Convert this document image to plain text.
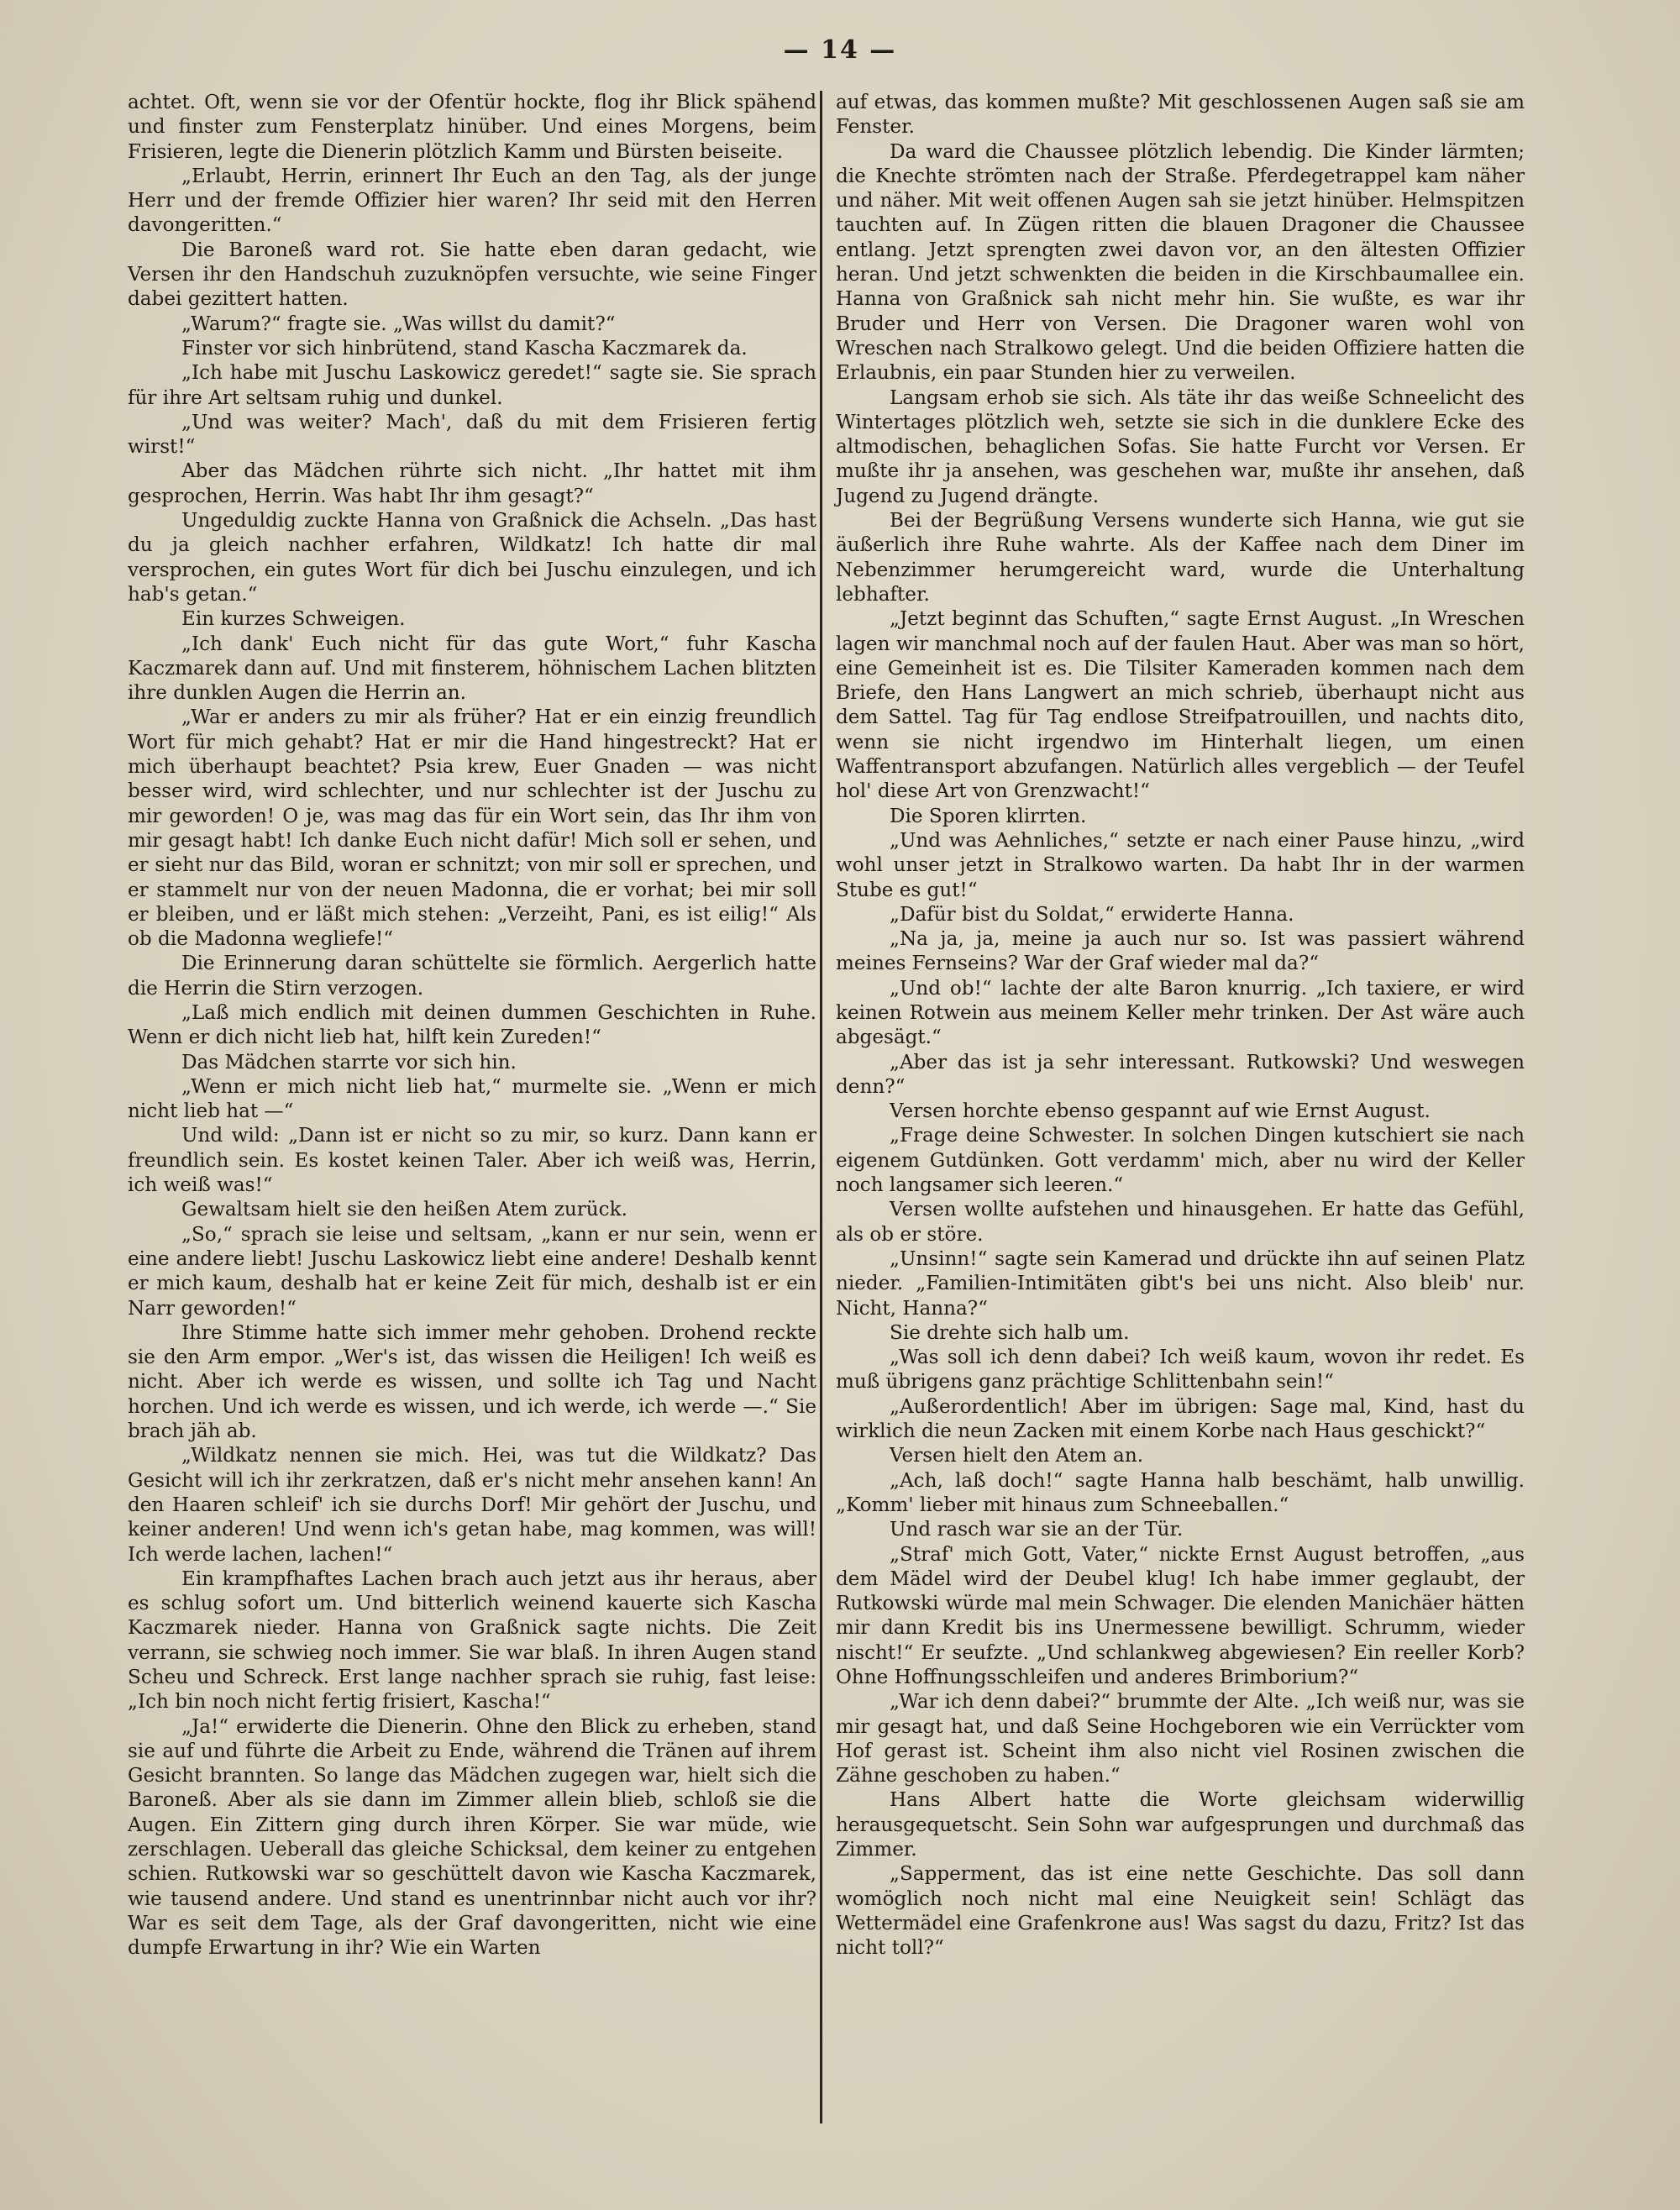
— 14 —

achtet. Oft, wenn sie vor der Ofentür hockte, flog ihr Blick spähend und finster zum Fensterplatz hinüber. Und eines Morgens, beim Frisieren, legte die Dienerin plötzlich Kamm und Bürsten beiseite.

„Erlaubt, Herrin, erinnert Ihr Euch an den Tag, als der junge Herr und der fremde Offizier hier waren? Ihr seid mit den Herren davongeritten.“

Die Baroneß ward rot. Sie hatte eben daran gedacht, wie Versen ihr den Handschuh zuzuknöpfen versuchte, wie seine Finger dabei gezittert hatten.

„Warum?“ fragte sie. „Was willst du damit?“

Finster vor sich hinbrütend, stand Kascha Kaczmarek da.

„Ich habe mit Juschu Laskowicz geredet!“ sagte sie. Sie sprach für ihre Art seltsam ruhig und dunkel.

„Und was weiter? Mach', daß du mit dem Frisieren fertig wirst!“

Aber das Mädchen rührte sich nicht. „Ihr hattet mit ihm gesprochen, Herrin. Was habt Ihr ihm gesagt?“

Ungeduldig zuckte Hanna von Graßnick die Achseln. „Das hast du ja gleich nachher erfahren, Wildkatz! Ich hatte dir mal versprochen, ein gutes Wort für dich bei Juschu einzulegen, und ich hab's getan.“

Ein kurzes Schweigen.

„Ich dank' Euch nicht für das gute Wort,“ fuhr Kascha Kaczmarek dann auf. Und mit finsterem, höhnischem Lachen blitzten ihre dunklen Augen die Herrin an.

„War er anders zu mir als früher? Hat er ein einzig freundlich Wort für mich gehabt? Hat er mir die Hand hingestreckt? Hat er mich überhaupt beachtet? Psia krew, Euer Gnaden — was nicht besser wird, wird schlechter, und nur schlechter ist der Juschu zu mir geworden! O je, was mag das für ein Wort sein, das Ihr ihm von mir gesagt habt! Ich danke Euch nicht dafür! Mich soll er sehen, und er sieht nur das Bild, woran er schnitzt; von mir soll er sprechen, und er stammelt nur von der neuen Madonna, die er vorhat; bei mir soll er bleiben, und er läßt mich stehen: „Verzeiht, Pani, es ist eilig!“ Als ob die Madonna wegliefe!“

Die Erinnerung daran schüttelte sie förmlich. Aergerlich hatte die Herrin die Stirn verzogen.

„Laß mich endlich mit deinen dummen Geschichten in Ruhe. Wenn er dich nicht lieb hat, hilft kein Zureden!“

Das Mädchen starrte vor sich hin.

„Wenn er mich nicht lieb hat,“ murmelte sie. „Wenn er mich nicht lieb hat —“

Und wild: „Dann ist er nicht so zu mir, so kurz. Dann kann er freundlich sein. Es kostet keinen Taler. Aber ich weiß was, Herrin, ich weiß was!“

Gewaltsam hielt sie den heißen Atem zurück.

„So,“ sprach sie leise und seltsam, „kann er nur sein, wenn er eine andere liebt! Juschu Laskowicz liebt eine andere! Deshalb kennt er mich kaum, deshalb hat er keine Zeit für mich, deshalb ist er ein Narr geworden!“

Ihre Stimme hatte sich immer mehr gehoben. Drohend reckte sie den Arm empor. „Wer's ist, das wissen die Heiligen! Ich weiß es nicht. Aber ich werde es wissen, und sollte ich Tag und Nacht horchen. Und ich werde es wissen, und ich werde, ich werde —.“ Sie brach jäh ab.

„Wildkatz nennen sie mich. Hei, was tut die Wildkatz? Das Gesicht will ich ihr zerkratzen, daß er's nicht mehr ansehen kann! An den Haaren schleif' ich sie durchs Dorf! Mir gehört der Juschu, und keiner anderen! Und wenn ich's getan habe, mag kommen, was will! Ich werde lachen, lachen!“

Ein krampfhaftes Lachen brach auch jetzt aus ihr heraus, aber es schlug sofort um. Und bitterlich weinend kauerte sich Kascha Kaczmarek nieder. Hanna von Graßnick sagte nichts. Die Zeit verrann, sie schwieg noch immer. Sie war blaß. In ihren Augen stand Scheu und Schreck. Erst lange nachher sprach sie ruhig, fast leise: „Ich bin noch nicht fertig frisiert, Kascha!“

„Ja!“ erwiderte die Dienerin. Ohne den Blick zu erheben, stand sie auf und führte die Arbeit zu Ende, während die Tränen auf ihrem Gesicht brannten. So lange das Mädchen zugegen war, hielt sich die Baroneß. Aber als sie dann im Zimmer allein blieb, schloß sie die Augen. Ein Zittern ging durch ihren Körper. Sie war müde, wie zerschlagen. Ueberall das gleiche Schicksal, dem keiner zu entgehen schien. Rutkowski war so geschüttelt davon wie Kascha Kaczmarek, wie tausend andere. Und stand es unentrinnbar nicht auch vor ihr? War es seit dem Tage, als der Graf davongeritten, nicht wie eine dumpfe Erwartung in ihr? Wie ein Warten

auf etwas, das kommen mußte? Mit geschlossenen Augen saß sie am Fenster.

Da ward die Chaussee plötzlich lebendig. Die Kinder lärmten; die Knechte strömten nach der Straße. Pferdegetrappel kam näher und näher. Mit weit offenen Augen sah sie jetzt hinüber. Helmspitzen tauchten auf. In Zügen ritten die blauen Dragoner die Chaussee entlang. Jetzt sprengten zwei davon vor, an den ältesten Offizier heran. Und jetzt schwenkten die beiden in die Kirschbaumallee ein. Hanna von Graßnick sah nicht mehr hin. Sie wußte, es war ihr Bruder und Herr von Versen. Die Dragoner waren wohl von Wreschen nach Stralkowo gelegt. Und die beiden Offiziere hatten die Erlaubnis, ein paar Stunden hier zu verweilen.

Langsam erhob sie sich. Als täte ihr das weiße Schneelicht des Wintertages plötzlich weh, setzte sie sich in die dunklere Ecke des altmodischen, behaglichen Sofas. Sie hatte Furcht vor Versen. Er mußte ihr ja ansehen, was geschehen war, mußte ihr ansehen, daß Jugend zu Jugend drängte.

Bei der Begrüßung Versens wunderte sich Hanna, wie gut sie äußerlich ihre Ruhe wahrte. Als der Kaffee nach dem Diner im Nebenzimmer herumgereicht ward, wurde die Unterhaltung lebhafter.

„Jetzt beginnt das Schuften,“ sagte Ernst August. „In Wreschen lagen wir manchmal noch auf der faulen Haut. Aber was man so hört, eine Gemeinheit ist es. Die Tilsiter Kameraden kommen nach dem Briefe, den Hans Langwert an mich schrieb, überhaupt nicht aus dem Sattel. Tag für Tag endlose Streifpatrouillen, und nachts dito, wenn sie nicht irgendwo im Hinterhalt liegen, um einen Waffentransport abzufangen. Natürlich alles vergeblich — der Teufel hol' diese Art von Grenzwacht!“

Die Sporen klirrten.

„Und was Aehnliches,“ setzte er nach einer Pause hinzu, „wird wohl unser jetzt in Stralkowo warten. Da habt Ihr in der warmen Stube es gut!“

„Dafür bist du Soldat,“ erwiderte Hanna.

„Na ja, ja, meine ja auch nur so. Ist was passiert während meines Fernseins? War der Graf wieder mal da?“

„Und ob!“ lachte der alte Baron knurrig. „Ich taxiere, er wird keinen Rotwein aus meinem Keller mehr trinken. Der Ast wäre auch abgesägt.“

„Aber das ist ja sehr interessant. Rutkowski? Und weswegen denn?“

Versen horchte ebenso gespannt auf wie Ernst August.

„Frage deine Schwester. In solchen Dingen kutschiert sie nach eigenem Gutdünken. Gott verdamm' mich, aber nu wird der Keller noch langsamer sich leeren.“

Versen wollte aufstehen und hinausgehen. Er hatte das Gefühl, als ob er störe.

„Unsinn!“ sagte sein Kamerad und drückte ihn auf seinen Platz nieder. „Familien-Intimitäten gibt's bei uns nicht. Also bleib' nur. Nicht, Hanna?“

Sie drehte sich halb um.

„Was soll ich denn dabei? Ich weiß kaum, wovon ihr redet. Es muß übrigens ganz prächtige Schlittenbahn sein!“

„Außerordentlich! Aber im übrigen: Sage mal, Kind, hast du wirklich die neun Zacken mit einem Korbe nach Haus geschickt?“

Versen hielt den Atem an.

„Ach, laß doch!“ sagte Hanna halb beschämt, halb unwillig. „Komm' lieber mit hinaus zum Schneeballen.“

Und rasch war sie an der Tür.

„Straf' mich Gott, Vater,“ nickte Ernst August betroffen, „aus dem Mädel wird der Deubel klug! Ich habe immer geglaubt, der Rutkowski würde mal mein Schwager. Die elenden Manichäer hätten mir dann Kredit bis ins Unermessene bewilligt. Schrumm, wieder nischt!“ Er seufzte. „Und schlankweg abgewiesen? Ein reeller Korb? Ohne Hoffnungsschleifen und anderes Brimborium?“

„War ich denn dabei?“ brummte der Alte. „Ich weiß nur, was sie mir gesagt hat, und daß Seine Hochgeboren wie ein Verrückter vom Hof gerast ist. Scheint ihm also nicht viel Rosinen zwischen die Zähne geschoben zu haben.“

Hans Albert hatte die Worte gleichsam widerwillig herausgequetscht. Sein Sohn war aufgesprungen und durchmaß das Zimmer.

„Sapperment, das ist eine nette Geschichte. Das soll dann womöglich noch nicht mal eine Neuigkeit sein! Schlägt das Wettermädel eine Grafenkrone aus! Was sagst du dazu, Fritz? Ist das nicht toll?“
